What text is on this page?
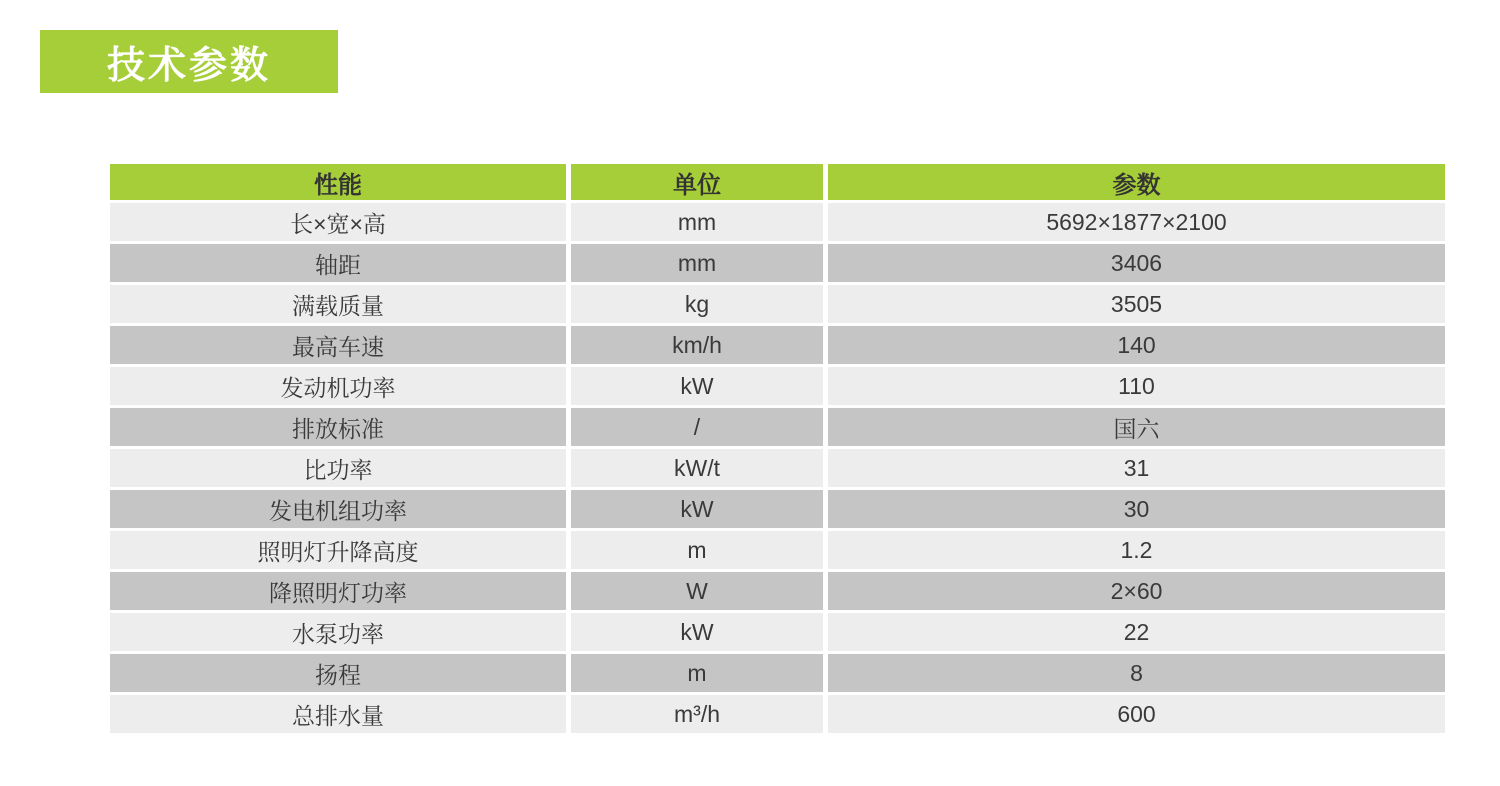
技术参数
性能	单位	参数
长×宽×高	mm	5692×1877×2100
轴距	mm	3406
满载质量	kg	3505
最高车速	km/h	140
发动机功率	kW	110
排放标准	/	国六
比功率	kW/t	31
发电机组功率	kW	30
照明灯升降高度	m	1.2
降照明灯功率	W	2×60
水泵功率	kW	22
扬程	m	8
总排水量	m³/h	600
